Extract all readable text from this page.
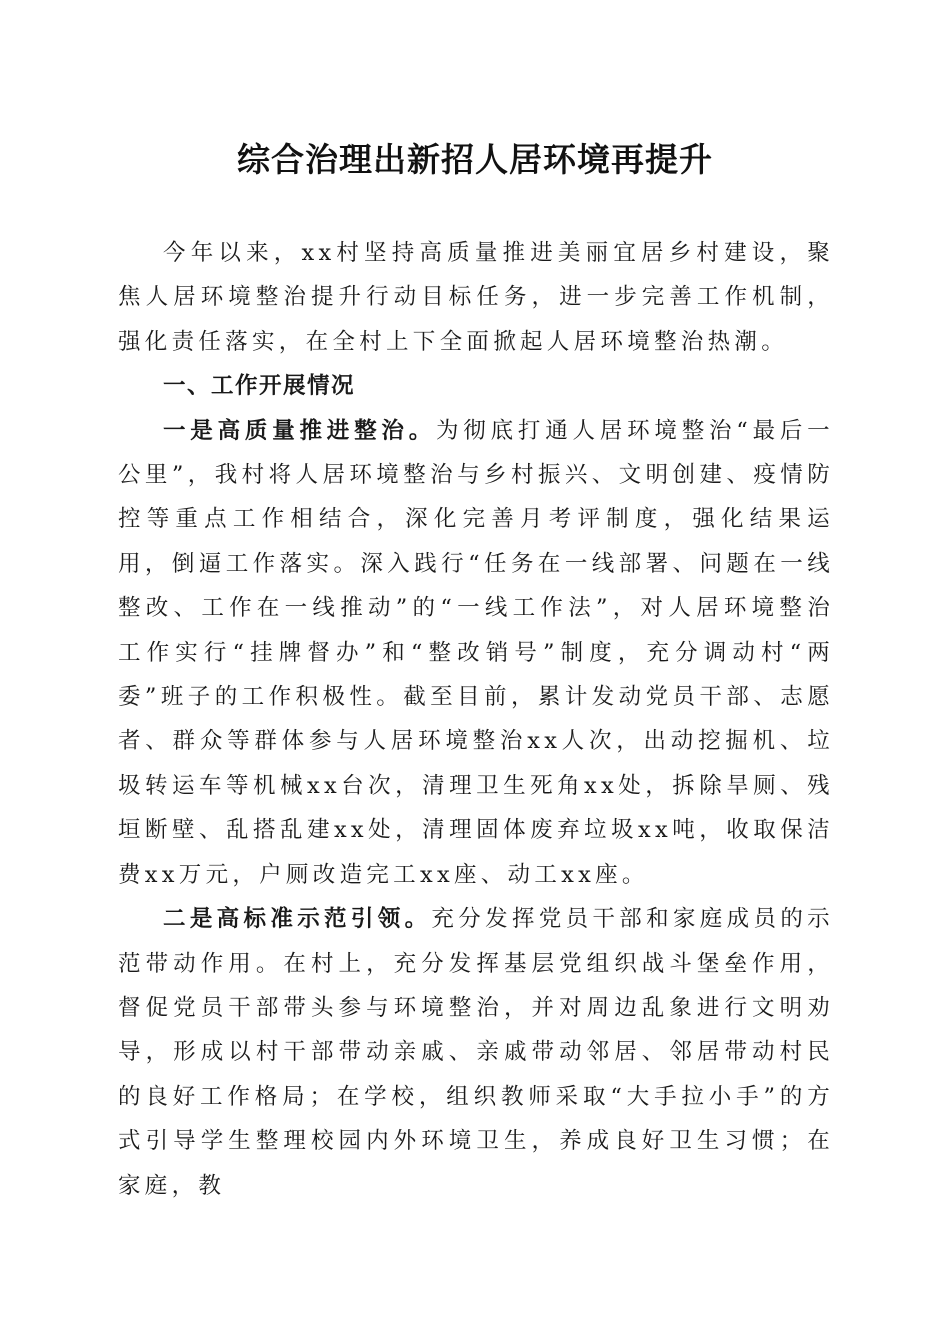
综合治理出新招人居环境再提升

今年以来，xx村坚持高质量推进美丽宜居乡村建设，聚焦人居环境整治提升行动目标任务，进一步完善工作机制，强化责任落实，在全村上下全面掀起人居环境整治热潮。

一、工作开展情况

一是高质量推进整治。为彻底打通人居环境整治“最后一公里”，我村将人居环境整治与乡村振兴、文明创建、疫情防控等重点工作相结合，深化完善月考评制度，强化结果运用，倒逼工作落实。深入践行“任务在一线部署、问题在一线整改、工作在一线推动”的“一线工作法”，对人居环境整治工作实行“挂牌督办”和“整改销号”制度，充分调动村“两委”班子的工作积极性。截至目前，累计发动党员干部、志愿者、群众等群体参与人居环境整治xx人次，出动挖掘机、垃圾转运车等机械xx台次，清理卫生死角xx处，拆除旱厕、残垣断壁、乱搭乱建xx处，清理固体废弃垃圾xx吨，收取保洁费xx万元，户厕改造完工xx座、动工xx座。

二是高标准示范引领。充分发挥党员干部和家庭成员的示范带动作用。在村上，充分发挥基层党组织战斗堡垒作用，督促党员干部带头参与环境整治，并对周边乱象进行文明劝导，形成以村干部带动亲戚、亲戚带动邻居、邻居带动村民的良好工作格局；在学校，组织教师采取“大手拉小手”的方式引导学生整理校园内外环境卫生，养成良好卫生习惯；在家庭，教
